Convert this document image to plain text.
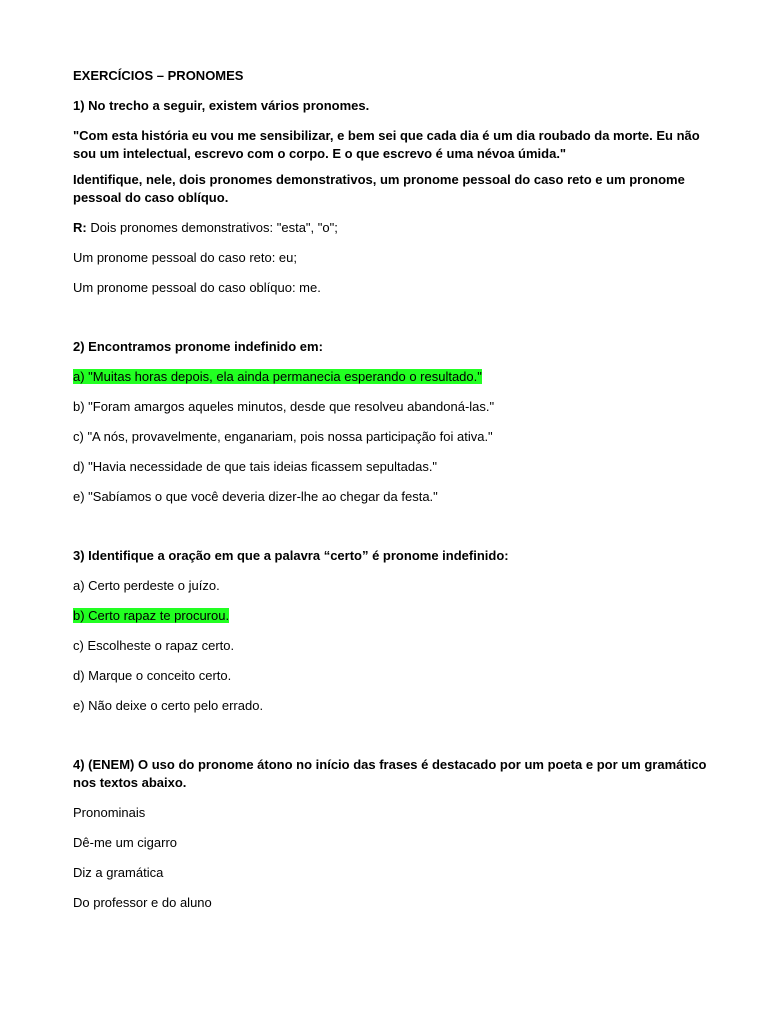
EXERCÍCIOS – PRONOMES

1) No trecho a seguir, existem vários pronomes.

"Com esta história eu vou me sensibilizar, e bem sei que cada dia é um dia roubado da morte. Eu não sou um intelectual, escrevo com o corpo. E o que escrevo é uma névoa úmida."

Identifique, nele, dois pronomes demonstrativos, um pronome pessoal do caso reto e um pronome pessoal do caso oblíquo.

R: Dois pronomes demonstrativos: "esta", "o";

Um pronome pessoal do caso reto: eu;

Um pronome pessoal do caso oblíquo: me.

2) Encontramos pronome indefinido em:

a) "Muitas horas depois, ela ainda permanecia esperando o resultado."

b) "Foram amargos aqueles minutos, desde que resolveu abandoná-las."

c) "A nós, provavelmente, enganariam, pois nossa participação foi ativa."

d) "Havia necessidade de que tais ideias ficassem sepultadas."

e) "Sabíamos o que você deveria dizer-lhe ao chegar da festa."

3) Identifique a oração em que a palavra “certo” é pronome indefinido:

a) Certo perdeste o juízo.

b) Certo rapaz te procurou.

c) Escolheste o rapaz certo.

d) Marque o conceito certo.

e) Não deixe o certo pelo errado.

4) (ENEM) O uso do pronome átono no início das frases é destacado por um poeta e por um gramático nos textos abaixo.

Pronominais

Dê-me um cigarro

Diz a gramática

Do professor e do aluno
